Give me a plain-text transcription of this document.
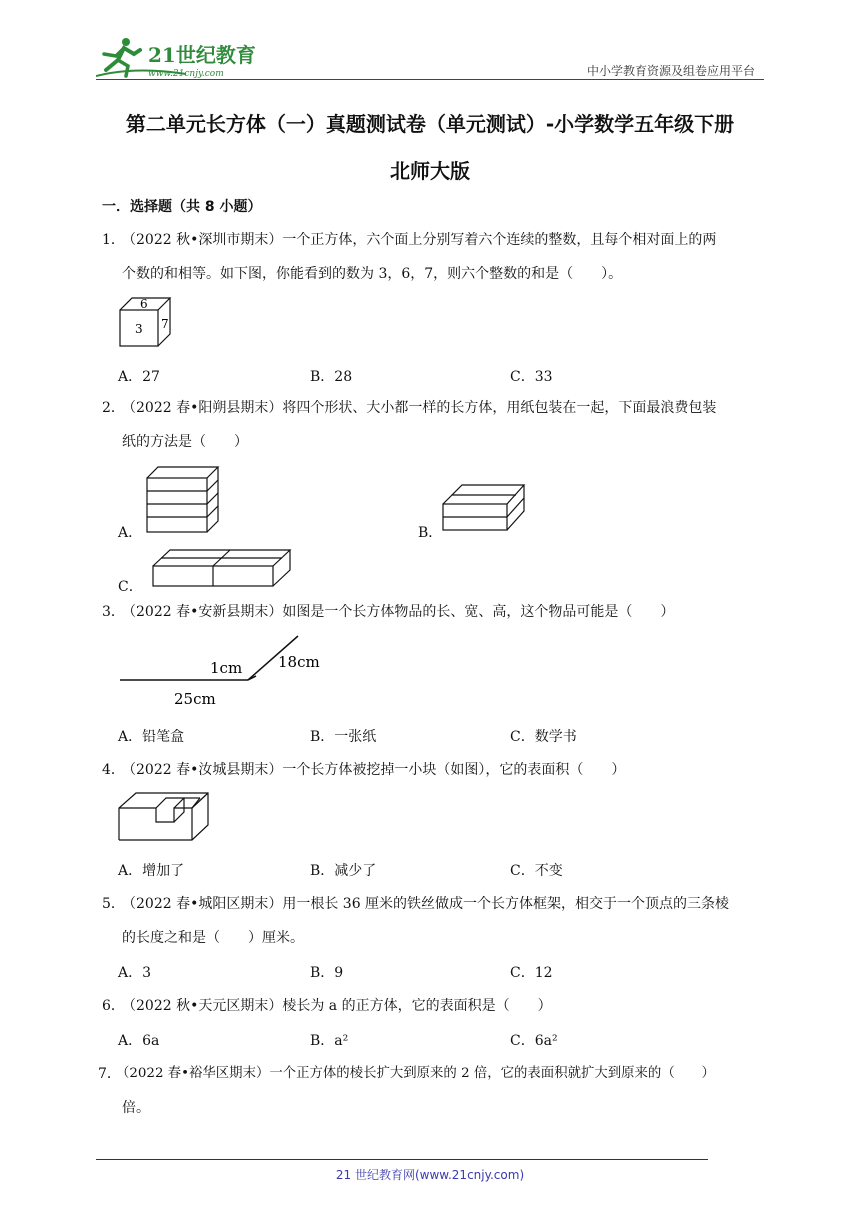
21世纪教育
www.21cnjy.com	中小学教育资源及组卷应用平台
第二单元长方体（一）真题测试卷（单元测试）-小学数学五年级下册
北师大版
一．选择题（共 8 小题）
1．
（2022 秋•深圳市期末）一个正方体，六个面上分别写着六个连续的整数，且每个相对面上的两
个数的和相等。如下图，你能看到的数为 3，6，7，则六个整数的和是（　　）。
6
3 7
A．27	B．28	C．33
2．
（2022 春•阳朔县期末）将四个形状、大小都一样的长方体，用纸包装在一起，下面最浪费包装
纸的方法是（　　）
A．	B．
C．
3．
（2022 春•安新县期末）如图是一个长方体物品的长、宽、高，这个物品可能是（　　）
1cm 18cm
25cm
A．铅笔盒	B．一张纸	C．数学书
4．
（2022 春•汝城县期末）一个长方体被挖掉一小块（如图），它的表面积（　　）
A．增加了	B．减少了	C．不变
5．
（2022 春•城阳区期末）用一根长 36 厘米的铁丝做成一个长方体框架，相交于一个顶点的三条棱
的长度之和是（　　）厘米。
A．3	B．9	C．12
6．
（2022 秋•天元区期末）棱长为 a 的正方体，它的表面积是（　　）
A．6a	B．a²	C．6a²
7．
（2022 春•裕华区期末）一个正方体的棱长扩大到原来的 2 倍，它的表面积就扩大到原来的（　　）
倍。
21 世纪教育网(www.21cnjy.com)
